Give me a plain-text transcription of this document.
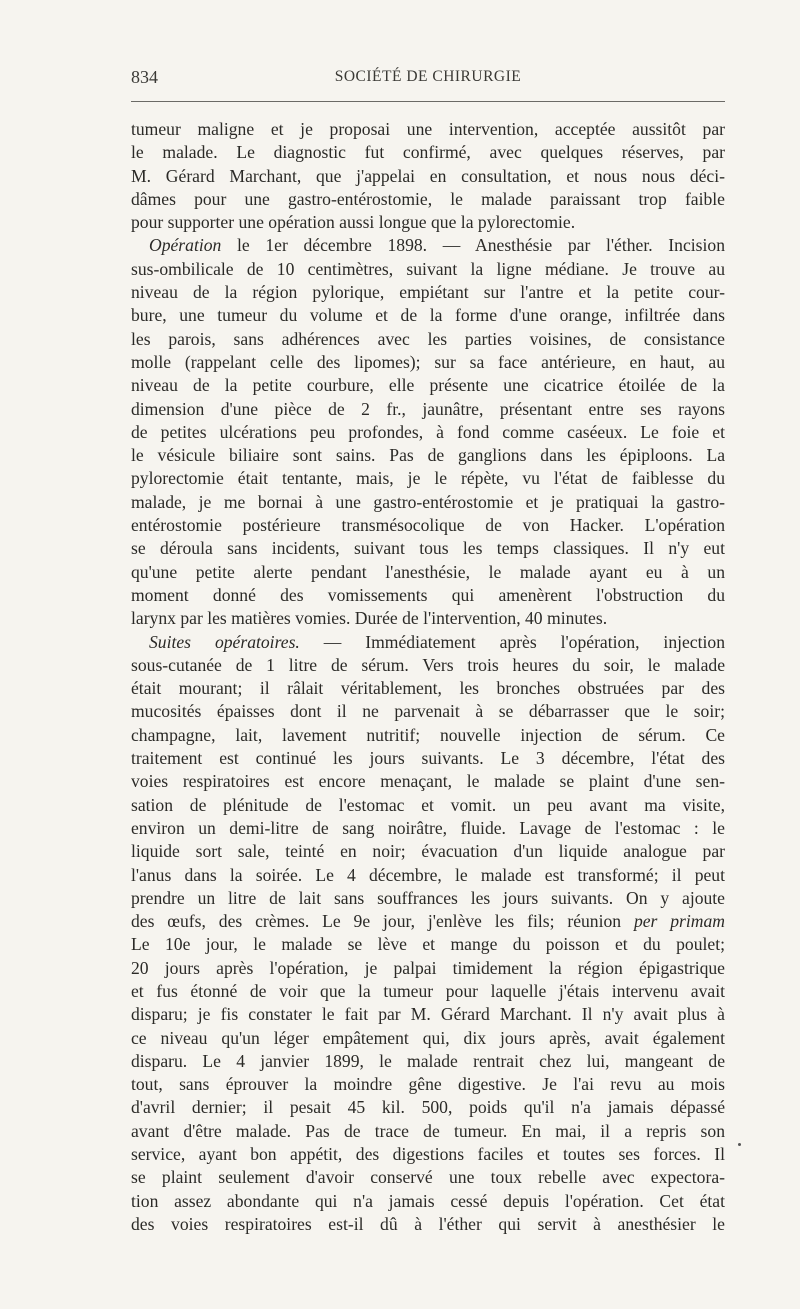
834	SOCIÉTÉ DE CHIRURGIE
tumeur maligne et je proposai une intervention, acceptée aussitôt par
le malade. Le diagnostic fut confirmé, avec quelques réserves, par
M. Gérard Marchant, que j'appelai en consultation, et nous nous déci-
dâmes pour une gastro-entérostomie, le malade paraissant trop faible
pour supporter une opération aussi longue que la pylorectomie.
Opération le 1er décembre 1898. — Anesthésie par l'éther. Incision
sus-ombilicale de 10 centimètres, suivant la ligne médiane. Je trouve au
niveau de la région pylorique, empiétant sur l'antre et la petite cour-
bure, une tumeur du volume et de la forme d'une orange, infiltrée dans
les parois, sans adhérences avec les parties voisines, de consistance
molle (rappelant celle des lipomes); sur sa face antérieure, en haut, au
niveau de la petite courbure, elle présente une cicatrice étoilée de la
dimension d'une pièce de 2 fr., jaunâtre, présentant entre ses rayons
de petites ulcérations peu profondes, à fond comme caséeux. Le foie et
le vésicule biliaire sont sains. Pas de ganglions dans les épiploons. La
pylorectomie était tentante, mais, je le répète, vu l'état de faiblesse du
malade, je me bornai à une gastro-entérostomie et je pratiquai la gastro-
entérostomie postérieure transmésocolique de von Hacker. L'opération
se déroula sans incidents, suivant tous les temps classiques. Il n'y eut
qu'une petite alerte pendant l'anesthésie, le malade ayant eu à un
moment donné des vomissements qui amenèrent l'obstruction du
larynx par les matières vomies. Durée de l'intervention, 40 minutes.
Suites opératoires. — Immédiatement après l'opération, injection
sous-cutanée de 1 litre de sérum. Vers trois heures du soir, le malade
était mourant; il râlait véritablement, les bronches obstruées par des
mucosités épaisses dont il ne parvenait à se débarrasser que le soir;
champagne, lait, lavement nutritif; nouvelle injection de sérum. Ce
traitement est continué les jours suivants. Le 3 décembre, l'état des
voies respiratoires est encore menaçant, le malade se plaint d'une sen-
sation de plénitude de l'estomac et vomit. un peu avant ma visite,
environ un demi-litre de sang noirâtre, fluide. Lavage de l'estomac : le
liquide sort sale, teinté en noir; évacuation d'un liquide analogue par
l'anus dans la soirée. Le 4 décembre, le malade est transformé; il peut
prendre un litre de lait sans souffrances les jours suivants. On y ajoute
des œufs, des crèmes. Le 9e jour, j'enlève les fils; réunion per primam
Le 10e jour, le malade se lève et mange du poisson et du poulet;
20 jours après l'opération, je palpai timidement la région épigastrique
et fus étonné de voir que la tumeur pour laquelle j'étais intervenu avait
disparu; je fis constater le fait par M. Gérard Marchant. Il n'y avait plus à
ce niveau qu'un léger empâtement qui, dix jours après, avait également
disparu. Le 4 janvier 1899, le malade rentrait chez lui, mangeant de
tout, sans éprouver la moindre gêne digestive. Je l'ai revu au mois
d'avril dernier; il pesait 45 kil. 500, poids qu'il n'a jamais dépassé
avant d'être malade. Pas de trace de tumeur. En mai, il a repris son
service, ayant bon appétit, des digestions faciles et toutes ses forces. Il
se plaint seulement d'avoir conservé une toux rebelle avec expectora-
tion assez abondante qui n'a jamais cessé depuis l'opération. Cet état
des voies respiratoires est-il dû à l'éther qui servit à anesthésier le
